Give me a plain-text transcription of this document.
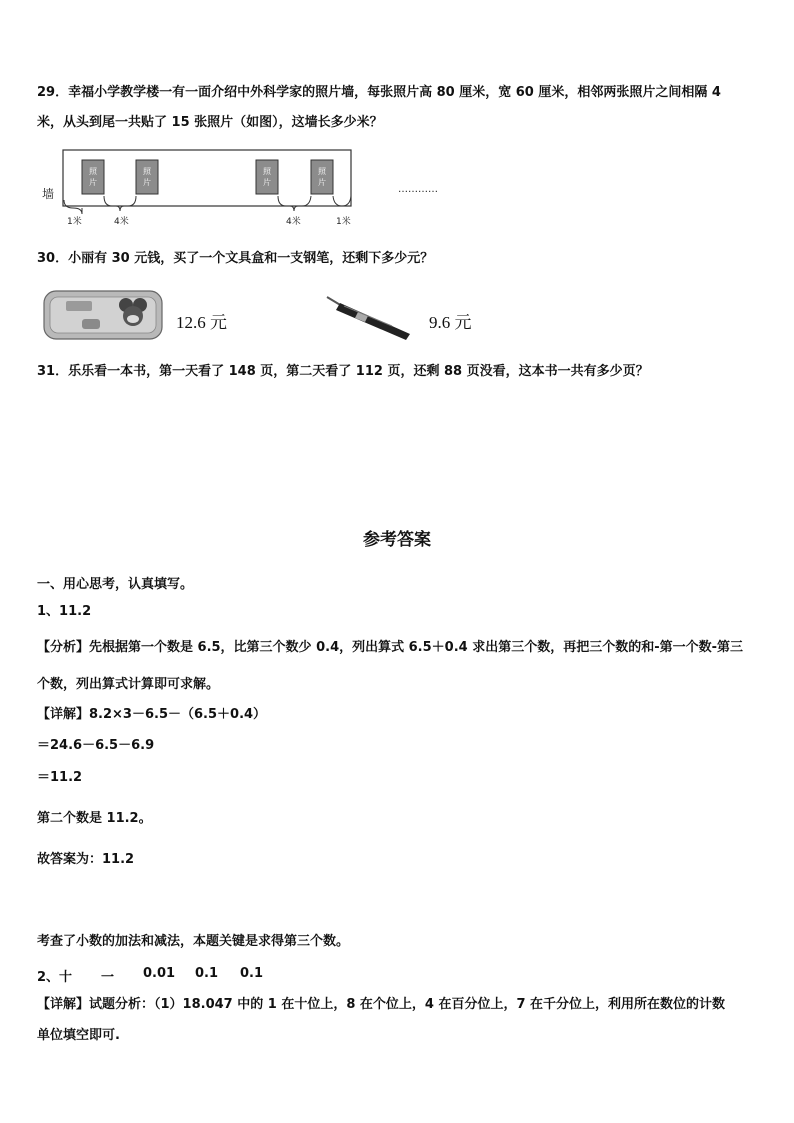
29．幸福小学教学楼一有一面介绍中外科学家的照片墙，每张照片高 80 厘米，宽 60 厘米，相邻两张照片之间相隔 4
米，从头到尾一共贴了 15 张照片（如图），这墙长多少米？
墙
照
片
照
片
照
片
照
片
1米	4米	4米	1米
…………
30．小丽有 30 元钱，买了一个文具盒和一支钢笔，还剩下多少元？
12.6 元	9.6 元
31．乐乐看一本书，第一天看了 148 页，第二天看了 112 页，还剩 88 页没看，这本书一共有多少页？
参考答案
一、用心思考，认真填写。
1、11.2
【分析】先根据第一个数是 6.5，比第三个数少 0.4，列出算式 6.5＋0.4 求出第三个数，再把三个数的和-第一个数-第三
个数，列出算式计算即可求解。
【详解】8.2×3－6.5－（6.5＋0.4）
＝24.6－6.5－6.9
＝11.2
第二个数是 11.2。
故答案为：11.2
考查了小数的加法和减法，本题关键是求得第三个数。
2、十 一 0.01 0.1 0.1
【详解】试题分析：（1）18.047 中的 1 在十位上，8 在个位上，4 在百分位上，7 在千分位上，利用所在数位的计数
单位填空即可.
